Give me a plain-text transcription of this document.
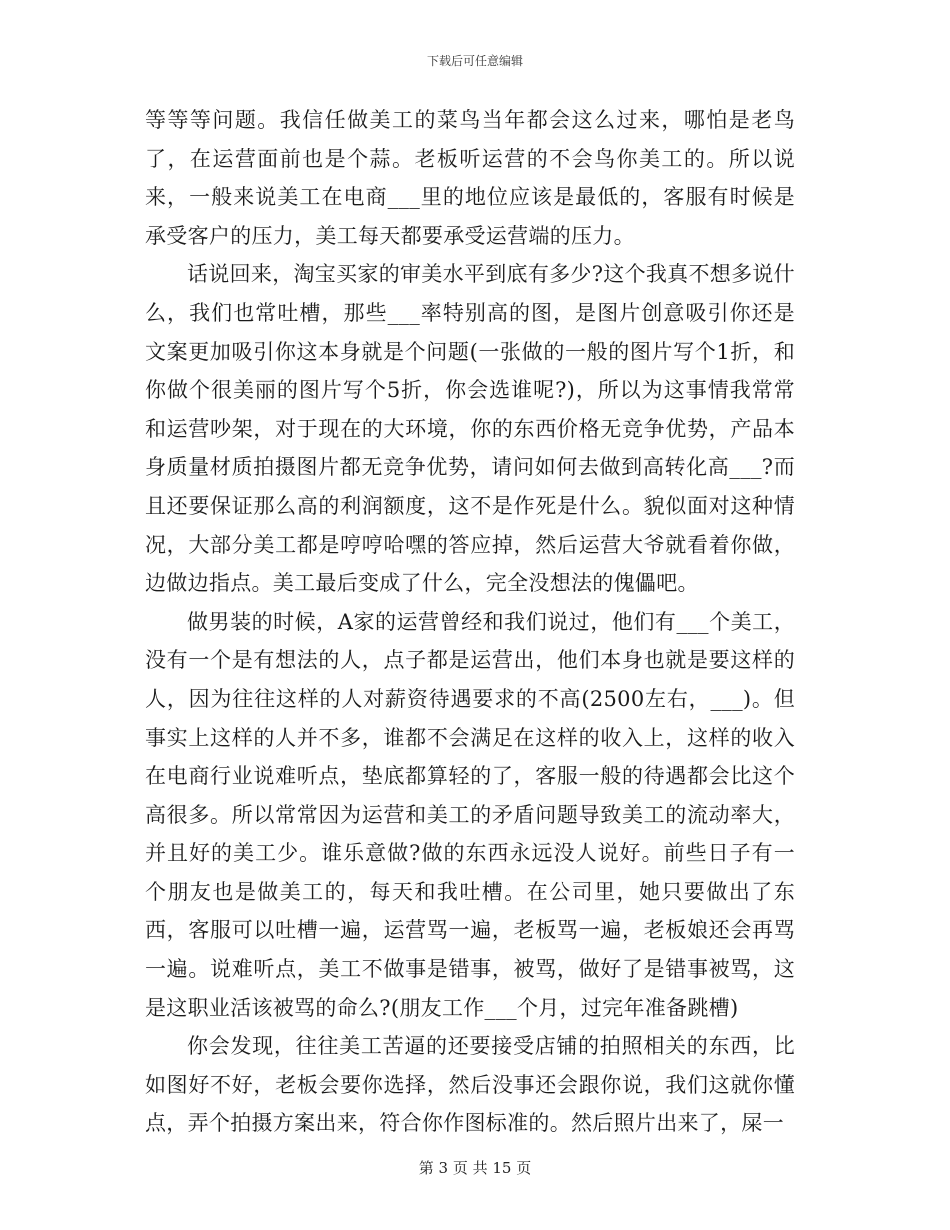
下载后可任意编辑

等等等问题。我信任做美工的菜鸟当年都会这么过来，哪怕是老鸟了，在运营面前也是个蒜。老板听运营的不会鸟你美工的。所以说来，一般来说美工在电商___里的地位应该是最低的，客服有时候是承受客户的压力，美工每天都要承受运营端的压力。

话说回来，淘宝买家的审美水平到底有多少?这个我真不想多说什么，我们也常吐槽，那些___率特别高的图，是图片创意吸引你还是文案更加吸引你这本身就是个问题(一张做的一般的图片写个1折，和你做个很美丽的图片写个5折，你会选谁呢?)，所以为这事情我常常和运营吵架，对于现在的大环境，你的东西价格无竞争优势，产品本身质量材质拍摄图片都无竞争优势，请问如何去做到高转化高___?而且还要保证那么高的利润额度，这不是作死是什么。貌似面对这种情况，大部分美工都是哼哼哈嘿的答应掉，然后运营大爷就看着你做，边做边指点。美工最后变成了什么，完全没想法的傀儡吧。

做男装的时候，A家的运营曾经和我们说过，他们有___个美工，没有一个是有想法的人，点子都是运营出，他们本身也就是要这样的人，因为往往这样的人对薪资待遇要求的不高(2500左右，___)。但事实上这样的人并不多，谁都不会满足在这样的收入上，这样的收入在电商行业说难听点，垫底都算轻的了，客服一般的待遇都会比这个高很多。所以常常因为运营和美工的矛盾问题导致美工的流动率大，并且好的美工少。谁乐意做?做的东西永远没人说好。前些日子有一个朋友也是做美工的，每天和我吐槽。在公司里，她只要做出了东西，客服可以吐槽一遍，运营骂一遍，老板骂一遍，老板娘还会再骂一遍。说难听点，美工不做事是错事，被骂，做好了是错事被骂，这是这职业活该被骂的命么?(朋友工作___个月，过完年准备跳槽)

你会发现，往往美工苦逼的还要接受店铺的拍照相关的东西，比如图好不好，老板会要你选择，然后没事还会跟你说，我们这就你懂点，弄个拍摄方案出来，符合你作图标准的。然后照片出来了，屎一

第 3 页 共 15 页
